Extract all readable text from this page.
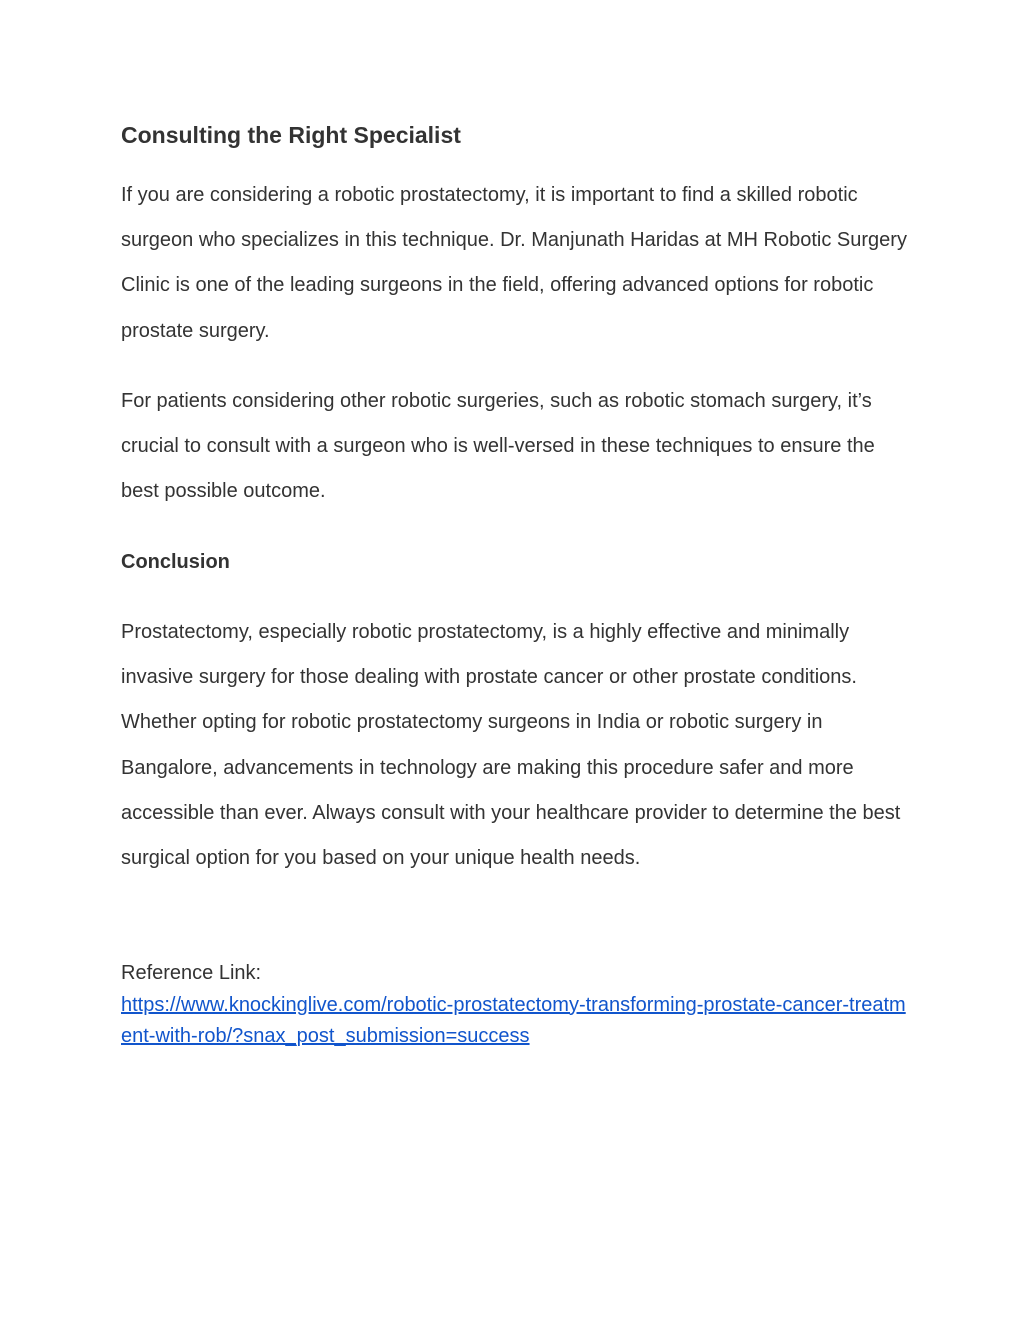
Consulting the Right Specialist

If you are considering a robotic prostatectomy, it is important to find a skilled robotic surgeon who specializes in this technique. Dr. Manjunath Haridas at MH Robotic Surgery Clinic is one of the leading surgeons in the field, offering advanced options for robotic prostate surgery.

For patients considering other robotic surgeries, such as robotic stomach surgery, it’s crucial to consult with a surgeon who is well-versed in these techniques to ensure the best possible outcome.

Conclusion

Prostatectomy, especially robotic prostatectomy, is a highly effective and minimally invasive surgery for those dealing with prostate cancer or other prostate conditions. Whether opting for robotic prostatectomy surgeons in India or robotic surgery in Bangalore, advancements in technology are making this procedure safer and more accessible than ever. Always consult with your healthcare provider to determine the best surgical option for you based on your unique health needs.

Reference Link:
https://www.knockinglive.com/robotic-prostatectomy-transforming-prostate-cancer-treatment-with-rob/?snax_post_submission=success
